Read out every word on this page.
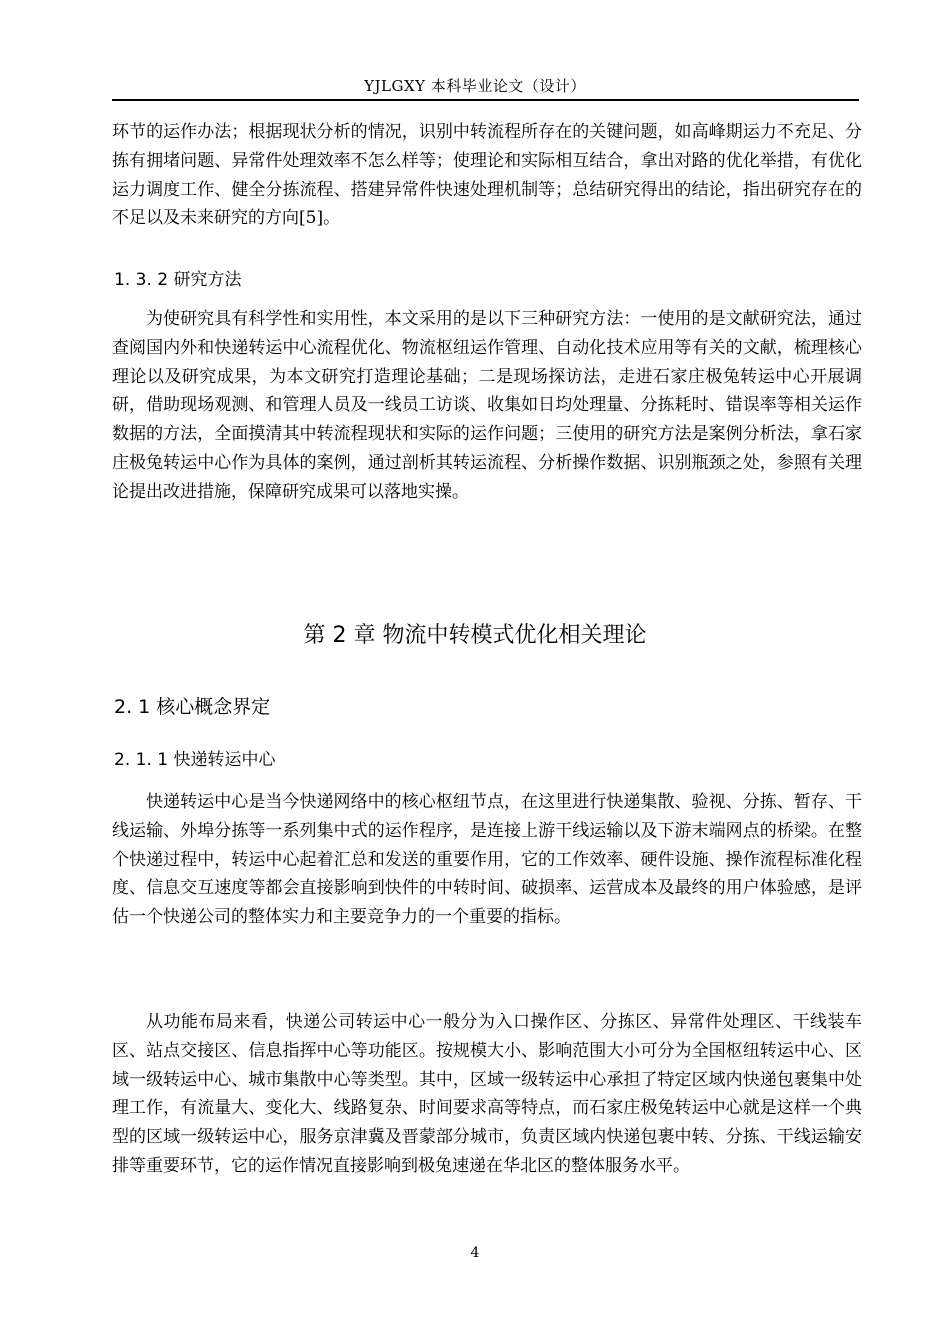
YJLGXY 本科毕业论文（设计）
环节的运作办法；根据现状分析的情况，识别中转流程所存在的关键问题，如高峰期运力不充足、分拣有拥堵问题、异常件处理效率不怎么样等；使理论和实际相互结合，拿出对路的优化举措，有优化运力调度工作、健全分拣流程、搭建异常件快速处理机制等；总结研究得出的结论，指出研究存在的不足以及未来研究的方向[5]。
1. 3. 2 研究方法
为使研究具有科学性和实用性，本文采用的是以下三种研究方法：一使用的是文献研究法，通过查阅国内外和快递转运中心流程优化、物流枢纽运作管理、自动化技术应用等有关的文献，梳理核心理论以及研究成果，为本文研究打造理论基础；二是现场探访法，走进石家庄极兔转运中心开展调研，借助现场观测、和管理人员及一线员工访谈、收集如日均处理量、分拣耗时、错误率等相关运作数据的方法，全面摸清其中转流程现状和实际的运作问题；三使用的研究方法是案例分析法，拿石家庄极兔转运中心作为具体的案例，通过剖析其转运流程、分析操作数据、识别瓶颈之处，参照有关理论提出改进措施，保障研究成果可以落地实操。
第 2 章 物流中转模式优化相关理论
2. 1 核心概念界定
2. 1. 1 快递转运中心
快递转运中心是当今快递网络中的核心枢纽节点，在这里进行快递集散、验视、分拣、暂存、干线运输、外埠分拣等一系列集中式的运作程序，是连接上游干线运输以及下游末端网点的桥梁。在整个快递过程中，转运中心起着汇总和发送的重要作用，它的工作效率、硬件设施、操作流程标准化程度、信息交互速度等都会直接影响到快件的中转时间、破损率、运营成本及最终的用户体验感，是评估一个快递公司的整体实力和主要竞争力的一个重要的指标。
从功能布局来看，快递公司转运中心一般分为入口操作区、分拣区、异常件处理区、干线装车区、站点交接区、信息指挥中心等功能区。按规模大小、影响范围大小可分为全国枢纽转运中心、区域一级转运中心、城市集散中心等类型。其中，区域一级转运中心承担了特定区域内快递包裹集中处理工作，有流量大、变化大、线路复杂、时间要求高等特点，而石家庄极兔转运中心就是这样一个典型的区域一级转运中心，服务京津冀及晋蒙部分城市，负责区域内快递包裹中转、分拣、干线运输安排等重要环节，它的运作情况直接影响到极兔速递在华北区的整体服务水平。
4
